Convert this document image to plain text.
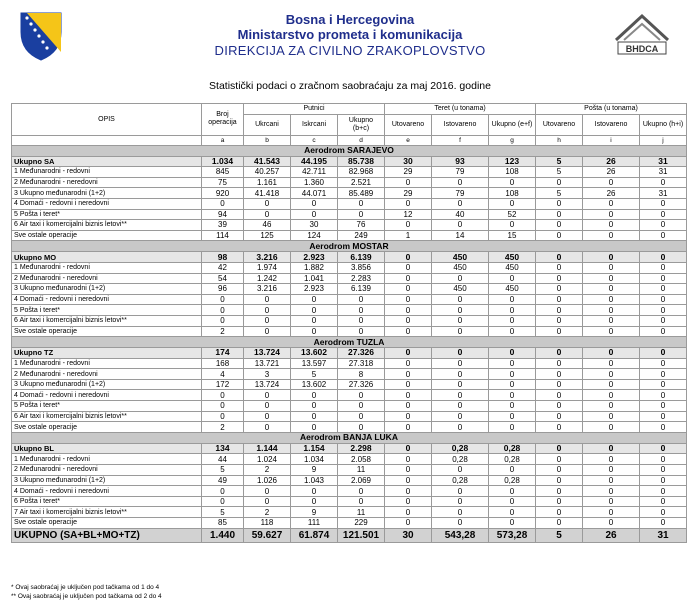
Bosna i Hercegovina
Ministarstvo prometa i komunikacija
DIREKCIJA ZA CIVILNO ZRAKOPLOVSTVO	BHDCA
Statistički podaci o zračnom saobraćaju za maj 2016. godine
OPIS	Broj operacija	Putnici			Teret (u tonama)			Pošta (u tonama)		
		Ukrcani	Iskrcani	Ukupno (b+c)	Utovareno	Istovareno	Ukupno (e+f)	Utovareno	Istovareno	Ukupno (h+i)
	a	b	c	d	e	f	g	h	i	j
Aerodrom SARAJEVO										
Ukupno SA	1.034	41.543	44.195	85.738	30	93	123	5	26	31
1 Međunarodni - redovni	845	40.257	42.711	82.968	29	79	108	5	26	31
2 Međunarodni - neredovni	75	1.161	1.360	2.521	0	0	0	0	0	0
3 Ukupno međunarodni (1+2)	920	41.418	44.071	85.489	29	79	108	5	26	31
4 Domaći - redovni i neredovni	0	0	0	0	0	0	0	0	0	0
5 Pošta i teret*	94	0	0	0	12	40	52	0	0	0
6 Air taxi i komercijalni biznis letovi**	39	46	30	76	0	0	0	0	0	0
Sve ostale operacije	114	125	124	249	1	14	15	0	0	0
Aerodrom MOSTAR										
Ukupno MO	98	3.216	2.923	6.139	0	450	450	0	0	0
1 Međunarodni - redovni	42	1.974	1.882	3.856	0	450	450	0	0	0
2 Međunarodni - neredovni	54	1.242	1.041	2.283	0	0	0	0	0	0
3 Ukupno međunarodni (1+2)	96	3.216	2.923	6.139	0	450	450	0	0	0
4 Domaći - redovni i neredovni	0	0	0	0	0	0	0	0	0	0
5 Pošta i teret*	0	0	0	0	0	0	0	0	0	0
6 Air taxi i komercijalni biznis letovi**	0	0	0	0	0	0	0	0	0	0
Sve ostale operacije	2	0	0	0	0	0	0	0	0	0
Aerodrom TUZLA										
Ukupno TZ	174	13.724	13.602	27.326	0	0	0	0	0	0
1 Međunarodni - redovni	168	13.721	13.597	27.318	0	0	0	0	0	0
2 Međunarodni - neredovni	4	3	5	8	0	0	0	0	0	0
3 Ukupno međunarodni (1+2)	172	13.724	13.602	27.326	0	0	0	0	0	0
4 Domaći - redovni i neredovni	0	0	0	0	0	0	0	0	0	0
5 Pošta i teret*	0	0	0	0	0	0	0	0	0	0
6 Air taxi i komercijalni biznis letovi**	0	0	0	0	0	0	0	0	0	0
Sve ostale operacije	2	0	0	0	0	0	0	0	0	0
Aerodrom BANJA LUKA										
Ukupno BL	134	1.144	1.154	2.298	0	0,28	0,28	0	0	0
1 Međunarodni - redovni	44	1.024	1.034	2.058	0	0,28	0,28	0	0	0
2 Međunarodni - neredovni	5	2	9	11	0	0	0	0	0	0
3 Ukupno međunarodni (1+2)	49	1.026	1.043	2.069	0	0,28	0,28	0	0	0
4 Domaći - redovni i neredovni	0	0	0	0	0	0	0	0	0	0
6 Pošta i teret*	0	0	0	0	0	0	0	0	0	0
7 Air taxi i komercijalni biznis letovi**	5	2	9	11	0	0	0	0	0	0
Sve ostale operacije	85	118	111	229	0	0	0	0	0	0
UKUPNO (SA+BL+MO+TZ)	1.440	59.627	61.874	121.501	30	543,28	573,28	5	26	31
* Ovaj saobraćaj je uključen pod tačkama od 1 do 4
** Ovaj saobraćaj je uključen pod tačkama od 2 do 4
